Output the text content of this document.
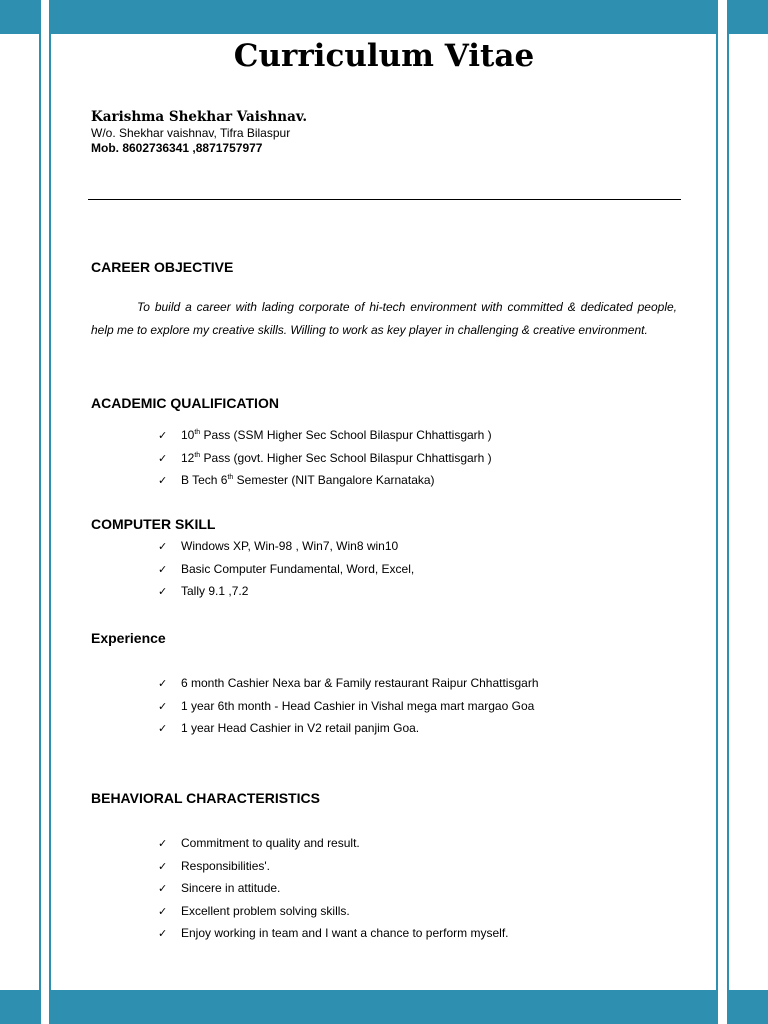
Curriculum Vitae
Karishma Shekhar Vaishnav.
W/o. Shekhar vaishnav, Tifra Bilaspur
Mob. 8602736341 ,8871757977
CAREER OBJECTIVE
To build a career with lading corporate of hi-tech environment with committed & dedicated people, help me to explore my creative skills. Willing to work as key player in challenging & creative environment.
ACADEMIC QUALIFICATION
✓ 10th Pass (SSM Higher Sec School Bilaspur Chhattisgarh )
✓ 12th Pass (govt. Higher Sec School Bilaspur Chhattisgarh )
✓ B Tech 6th Semester (NIT Bangalore Karnataka)
COMPUTER SKILL
✓ Windows XP, Win-98 , Win7, Win8 win10
✓ Basic Computer Fundamental, Word, Excel,
✓ Tally 9.1 ,7.2
Experience
✓ 6 month Cashier Nexa bar & Family restaurant Raipur Chhattisgarh
✓ 1 year 6th month - Head Cashier in Vishal mega mart margao Goa
✓ 1 year Head Cashier in V2 retail panjim Goa.
BEHAVIORAL CHARACTERISTICS
✓ Commitment to quality and result.
✓ Responsibilities'.
✓ Sincere in attitude.
✓ Excellent problem solving skills.
✓ Enjoy working in team and I want a chance to perform myself.
